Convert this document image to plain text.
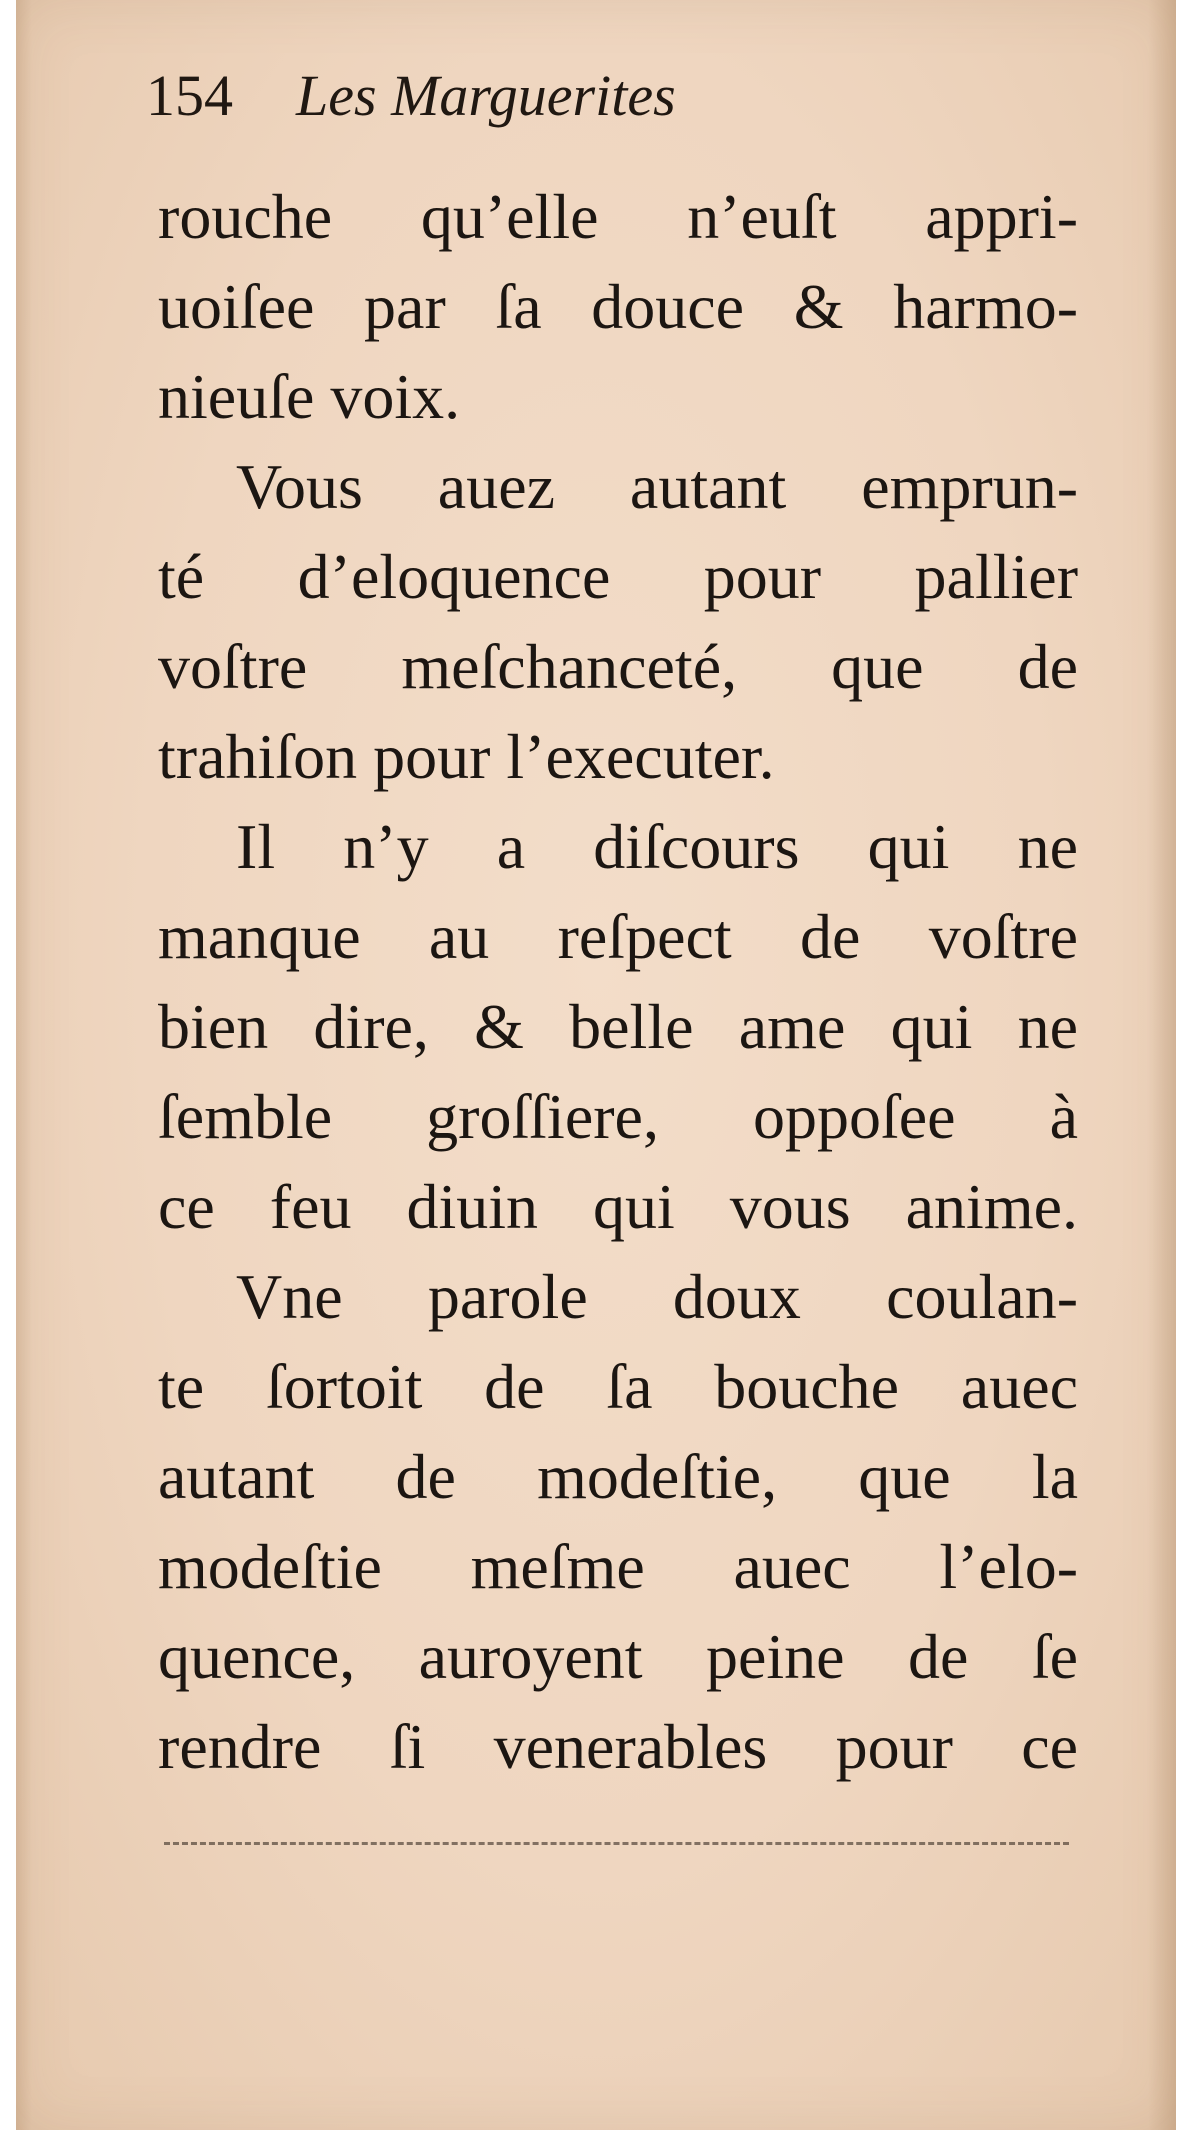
154 Les Marguerites
rouche qu’elle n’euſt appri-
uoiſee par ſa douce & harmo-
nieuſe voix.
Vous auez autant emprun-
té d’eloquence pour pallier
voſtre meſchanceté, que de
trahiſon pour l’executer.
Il n’y a diſcours qui ne
manque au reſpect de voſtre
bien dire, & belle ame qui ne
ſemble groſſiere, oppoſee à
ce feu diuin qui vous anime.
Vne parole doux coulan-
te ſortoit de ſa bouche auec
autant de modeſtie, que la
modeſtie meſme auec l’elo-
quence, auroyent peine de ſe
rendre ſi venerables pour ce
